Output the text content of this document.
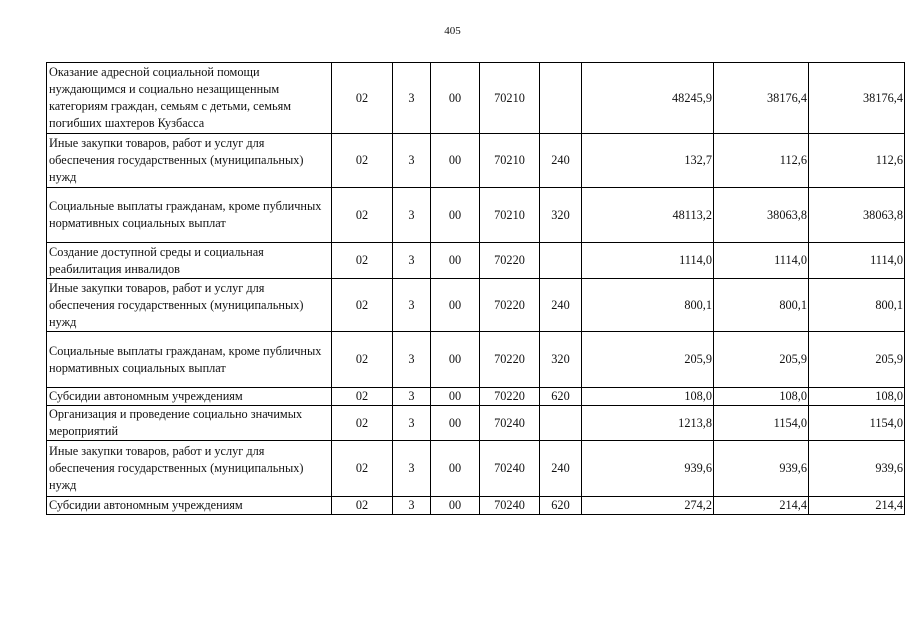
405
Оказание адресной социальной помощи нуждающимся и социально незащищенным категориям граждан, семьям с детьми, семьям погибших шахтеров Кузбасса	02	3	00	70210		48245,9	38176,4	38176,4
Иные закупки товаров, работ и услуг для обеспечения государственных (муниципальных) нужд	02	3	00	70210	240	132,7	112,6	112,6
Социальные выплаты гражданам, кроме публичных нормативных социальных выплат	02	3	00	70210	320	48113,2	38063,8	38063,8
Создание доступной среды и социальная реабилитация инвалидов	02	3	00	70220		1114,0	1114,0	1114,0
Иные закупки товаров, работ и услуг для обеспечения государственных (муниципальных) нужд	02	3	00	70220	240	800,1	800,1	800,1
Социальные выплаты гражданам, кроме публичных нормативных социальных выплат	02	3	00	70220	320	205,9	205,9	205,9
Субсидии автономным учреждениям	02	3	00	70220	620	108,0	108,0	108,0
Организация и проведение социально значимых мероприятий	02	3	00	70240		1213,8	1154,0	1154,0
Иные закупки товаров, работ и услуг для обеспечения государственных (муниципальных) нужд	02	3	00	70240	240	939,6	939,6	939,6
Субсидии автономным учреждениям	02	3	00	70240	620	274,2	214,4	214,4
